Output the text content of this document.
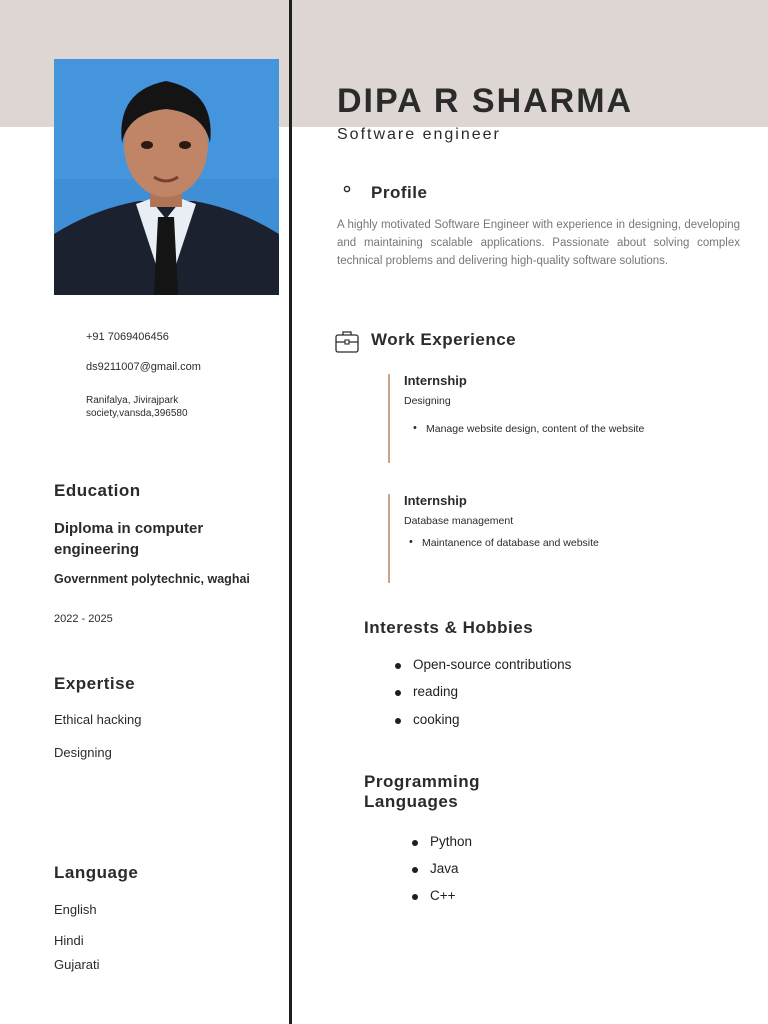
+91 7069406456
ds9211007@gmail.com
Ranifalya, Jivirajpark society,vansda,396580
Education
Diploma in computer engineering
Government polytechnic, waghai
2022 - 2025
Expertise
Ethical hacking
Designing
Language
English
Hindi
Gujarati
DIPA R SHARMA
Software engineer
Profile
A highly motivated Software Engineer with experience in designing, developing and maintaining scalable applications. Passionate about solving complex technical problems and delivering high-quality software solutions.
Work Experience
Internship
Designing
• Manage website design, content of the website
Internship
Database management
• Maintanence of database and website
Interests & Hobbies
Open-source contributions
reading
cooking
Programming Languages
Python
Java
C++
